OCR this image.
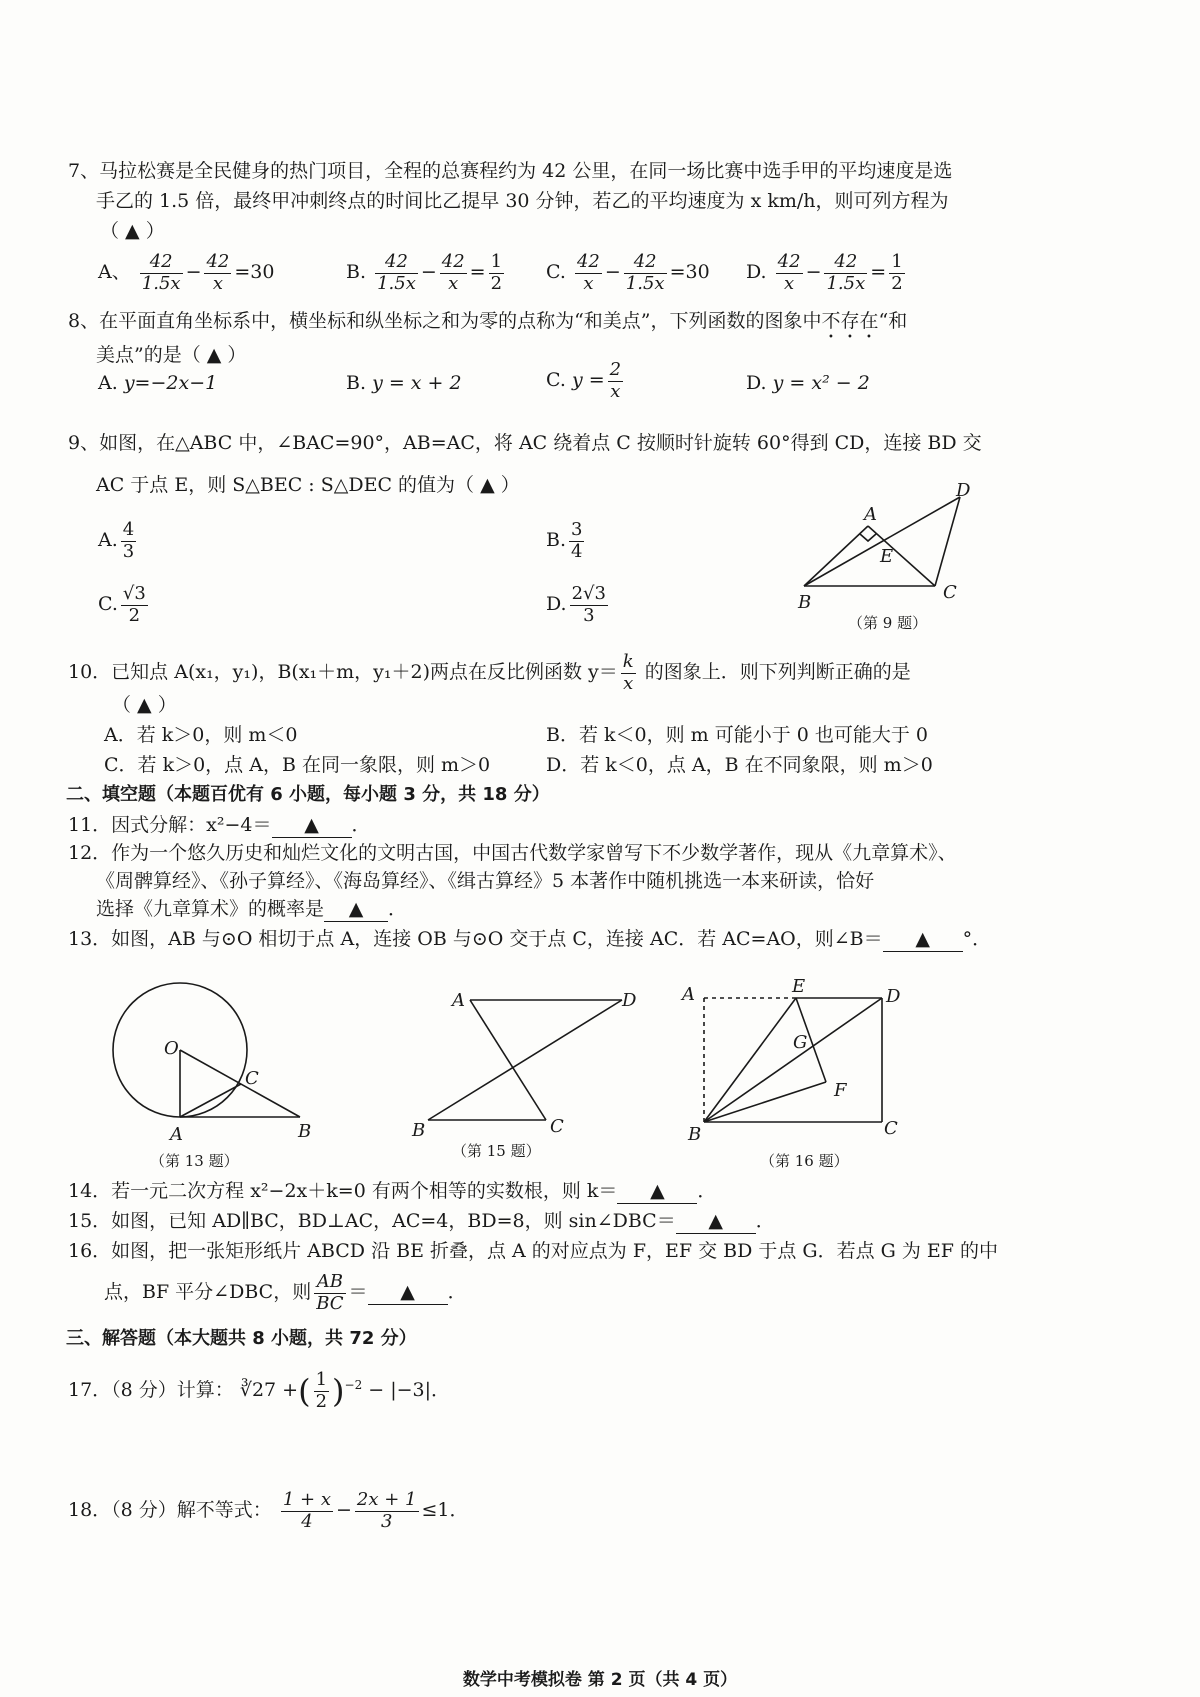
7、马拉松赛是全民健身的热门项目，全程的总赛程约为 42 公里，在同一场比赛中选手甲的平均速度是选
手乙的 1.5 倍，最终甲冲刺终点的时间比乙提早 30 分钟，若乙的平均速度为 x km/h，则可列方程为
（ ▲ ）
A、 $\frac{42}{1.5x} - \frac{42}{x} =30$	B. $\frac{42}{1.5x} - \frac{42}{x} = \frac{1}{2} C$. $\frac{42}{x} - \frac{42}{1.5x} =30$ D. $\frac{42}{x} - \frac{42}{1.5x} = \frac{1}{2}$
8、在平面直角坐标系中，横坐标和纵坐标之和为零的点称为“和美点”，下列函数的图象中不存在“和
美点”的是（ ▲ ）
A. y=−2x−1	B. y = x + 2	C. $y = \frac{2}{x}$	D. y = x² − 2
9、如图，在△ABC 中，∠BAC=90°，AB=AC，将 AC 绕着点 C 按顺时针旋转 60°得到 CD，连接 BD 交
AC 于点 E，则 S△BEC : S△DEC 的值为（ ▲ ）
A. $\frac{4}{3}$	B. $\frac{3}{4}$
C. $\frac{√3}{2}$	D. $\frac{2√3}{3}$
A
B	C
D
E
（第 9 题）
10．已知点 A(x₁，y₁)，B(x₁＋m，y₁＋2)两点在反比例函数 $y= \frac{k}{x}$ 的图象上．则下列判断正确的是
（ ▲ ）
A．若 k＞0，则 m＜0	B．若 k＜0，则 m 可能小于 0 也可能大于 0
C．若 k＞0，点 A，B 在同一象限，则 m＞0	D．若 k＜0，点 A，B 在不同象限，则 m＞0
二、填空题（本题百优有 6 小题，每小题 3 分，共 18 分）
11．因式分解：x²−4＝ ▲ ．
12．作为一个悠久历史和灿烂文化的文明古国，中国古代数学家曾写下不少数学著作，现从《九章算术》、
《周髀算经》、《孙子算经》、《海岛算经》、《缉古算经》5 本著作中随机挑选一本来研读，恰好
选择《九章算术》的概率是 ▲ ．
13．如图，AB 与⊙O 相切于点 A，连接 OB 与⊙O 交于点 C，连接 AC．若 AC=AO，则∠B＝ ▲ °．
O
A	B
C
（第 13 题）
A	D
B	C
（第 15 题）
A	E	D
G
F
B	C
（第 16 题）
14．若一元二次方程 x²−2x＋k=0 有两个相等的实数根，则 k＝ ▲ ．
15．如图，已知 AD∥BC，BD⊥AC，AC=4，BD=8，则 sin∠DBC＝ ▲ ．
16．如图，把一张矩形纸片 ABCD 沿 BE 折叠，点 A 的对应点为 F，EF 交 BD 于点 G．若点 G 为 EF 的中
点，BF 平分∠DBC，则 $\frac{AB}{BC}$ ＝ ▲ ．
三、解答题（本大题共 8 小题，共 72 分）
17．（8 分）计算： ∛27 +( $\frac{1}{2} )^{-2} - |-3|$．
18．（8 分）解不等式： $\frac{1 + x}{4} - \frac{2x + 1}{3} \le 1$．
数学中考模拟卷 第 2 页（共 4 页）
